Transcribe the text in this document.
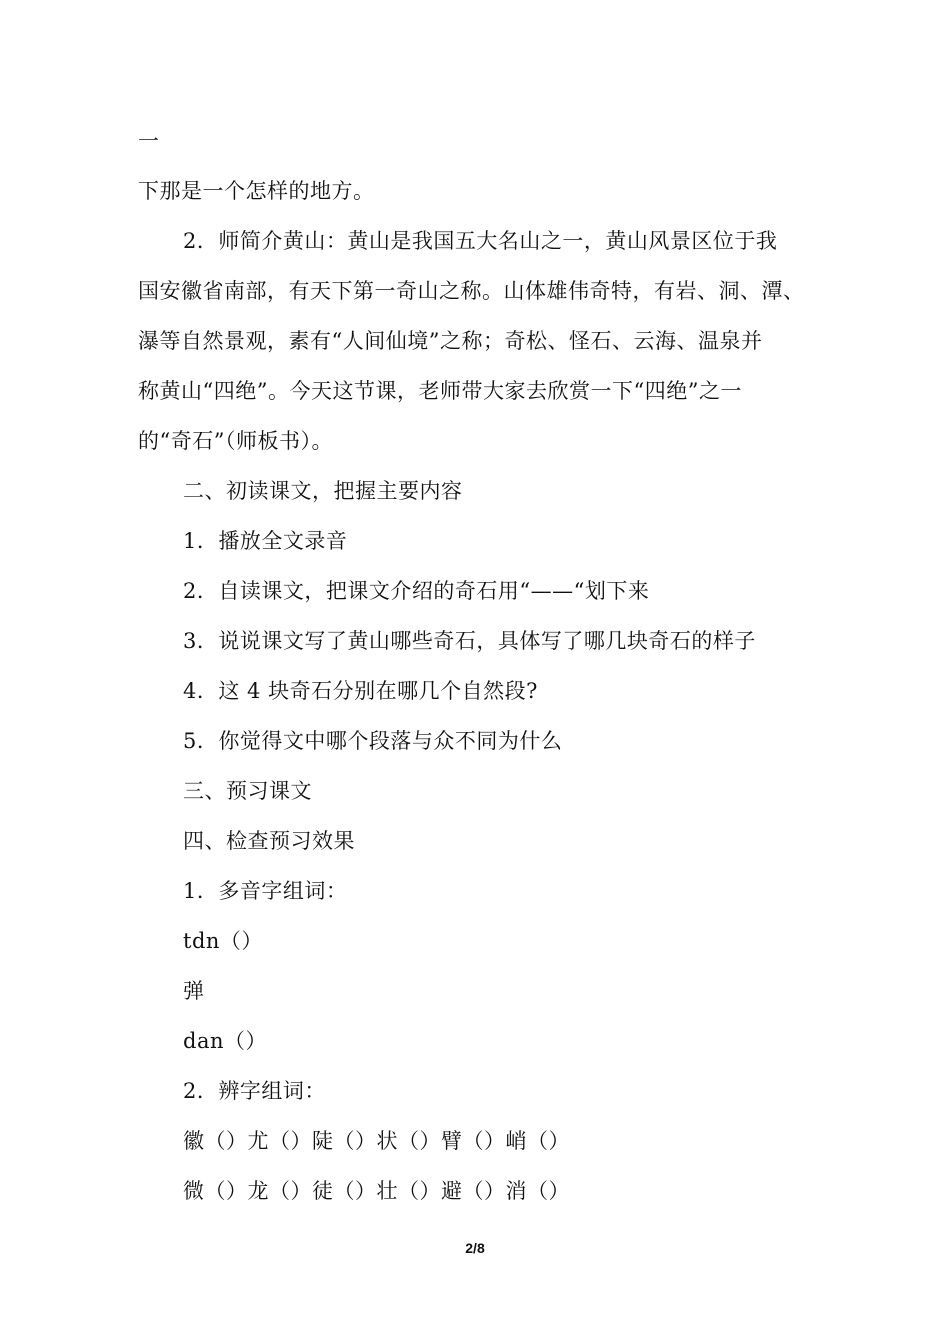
一
下那是一个怎样的地方。
2．师简介黄山：黄山是我国五大名山之一，黄山风景区位于我
国安徽省南部，有天下第一奇山之称。山体雄伟奇特，有岩、洞、潭、
瀑等自然景观，素有“人间仙境”之称；奇松、怪石、云海、温泉并
称黄山“四绝”。今天这节课，老师带大家去欣赏一下“四绝”之一
的“奇石”（师板书）。
二、初读课文，把握主要内容
1．播放全文录音
2．自读课文，把课文介绍的奇石用“——“划下来
3．说说课文写了黄山哪些奇石，具体写了哪几块奇石的样子
4．这 4 块奇石分别在哪几个自然段?
5．你觉得文中哪个段落与众不同为什么
三、预习课文
四、检查预习效果
1．多音字组词：
tdn（）
弹
dan（）
2．辨字组词：
徽（）尤（）陡（）状（）臂（）峭（）
微（）龙（）徒（）壮（）避（）消（）
2/8
